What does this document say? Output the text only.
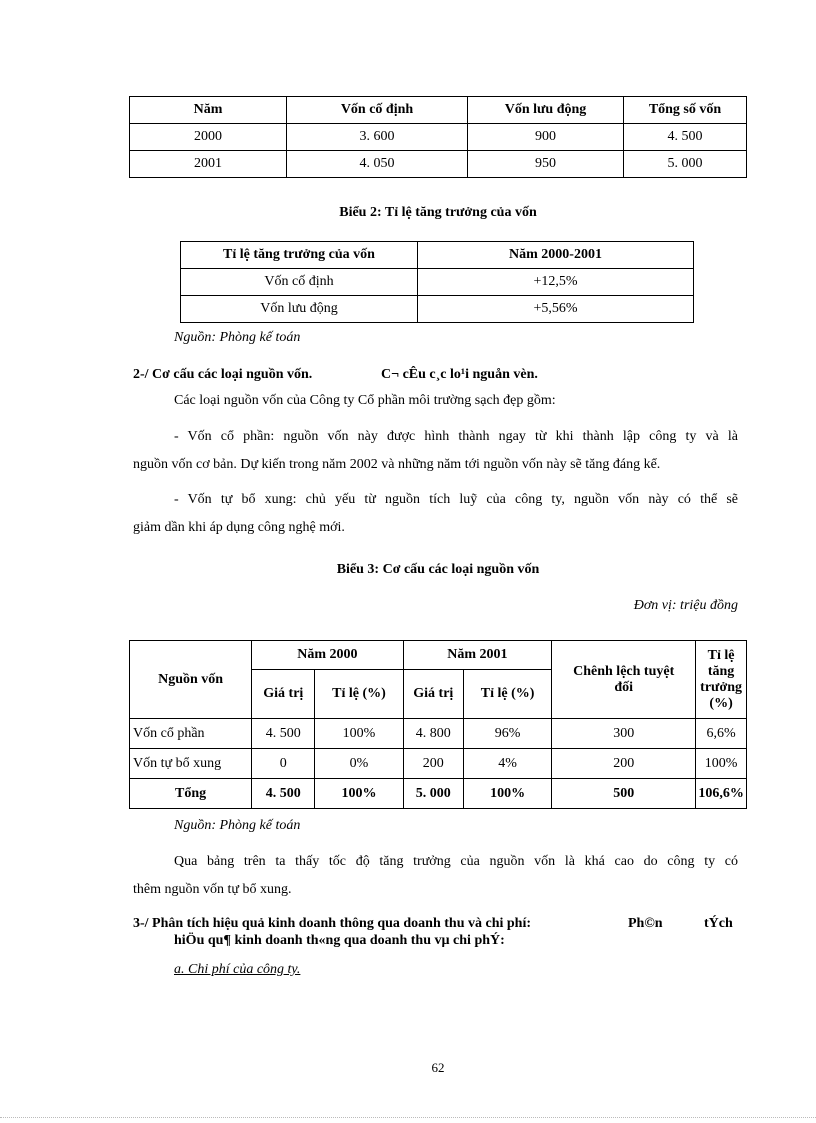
Năm	Vốn cố định	Vốn lưu động	Tổng số vốn
2000	3. 600	900	4. 500
2001	4. 050	950	5. 000
Biểu 2: Tỉ lệ tăng trưởng của vốn
Tỉ lệ tăng trưởng của vốn	Năm 2000-2001
Vốn cố định	+12,5%
Vốn lưu động	+5,56%
Nguồn: Phòng kế toán
2-/ Cơ cấu các loại nguồn vốn.	C¬ cÊu c¸c lo¹i nguån vèn.
Các loại nguồn vốn của Công ty Cổ phần môi trường sạch đẹp gồm:
- Vốn cổ phần: nguồn vốn này được hình thành ngay từ khi thành lập công ty và là
nguồn vốn cơ bản. Dự kiến trong năm 2002 và những năm tới nguồn vốn này sẽ tăng đáng kể.
- Vốn tự bổ xung: chủ yếu từ nguồn tích luỹ của công ty, nguồn vốn này có thể sẽ
giảm dần khi áp dụng công nghệ mới.
Biểu 3: Cơ cấu các loại nguồn vốn
Đơn vị: triệu đồng
Nguồn vốn	Năm 2000		Năm 2001		Chênh lệch tuyệt đối	Tỉ lệ tăng trưởng (%)
	Giá trị	Tỉ lệ (%)	Giá trị	Tỉ lệ (%)		
Vốn cổ phần	4. 500	100%	4. 800	96%	300	6,6%
Vốn tự bổ xung	0	0%	200	4%	200	100%
Tổng	4. 500	100%	5. 000	100%	500	106,6%
Nguồn: Phòng kế toán
Qua bảng trên ta thấy tốc độ tăng trưởng của nguồn vốn là khá cao do công ty có
thêm nguồn vốn tự bổ xung.
3-/ Phân tích hiệu quả kinh doanh thông qua doanh thu và chi phí:	Ph©n	tÝch
hiÖu qu¶ kinh doanh th«ng qua doanh thu vµ chi phÝ:
a. Chi phí của công ty.
62
